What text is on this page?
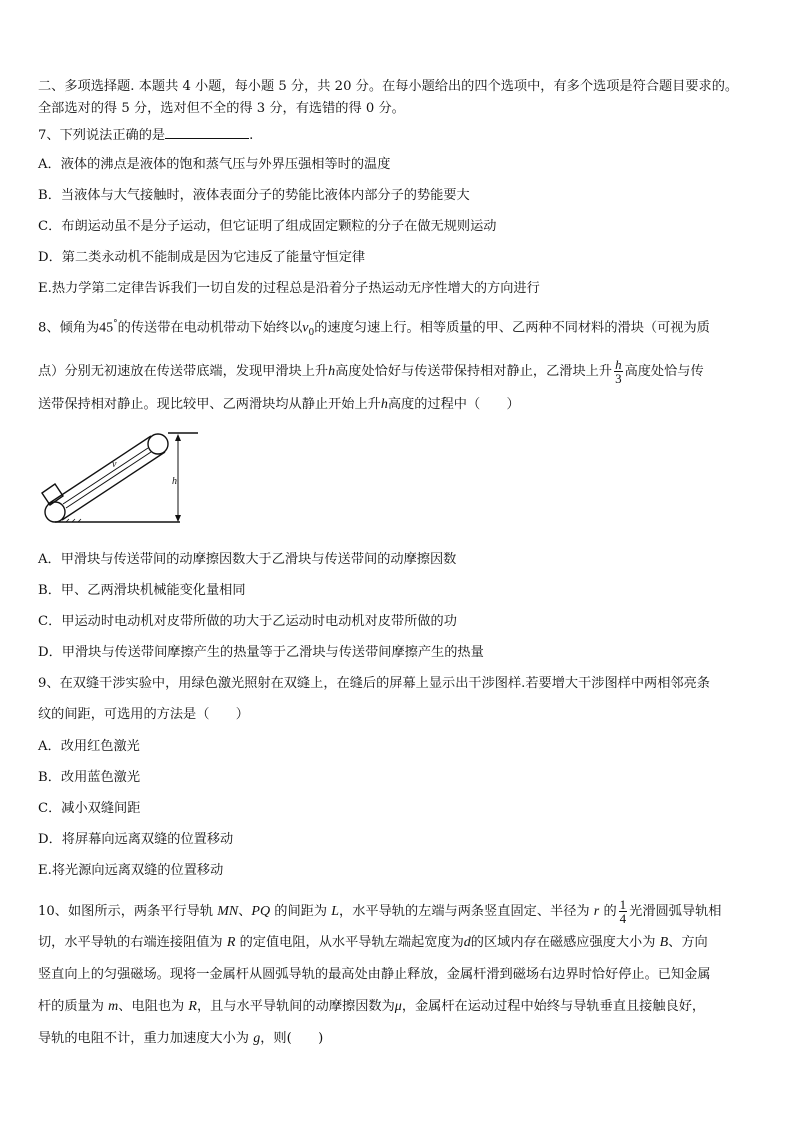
二、多项选择题. 本题共 4 小题，每小题 5 分，共 20 分。在每小题给出的四个选项中，有多个选项是符合题目要求的。
全部选对的得 5 分，选对但不全的得 3 分，有选错的得 0 分。
7、下列说法正确的是	.
A．液体的沸点是液体的饱和蒸气压与外界压强相等时的温度
B．当液体与大气接触时，液体表面分子的势能比液体内部分子的势能要大
C．布朗运动虽不是分子运动，但它证明了组成固定颗粒的分子在做无规则运动
D．第二类永动机不能制成是因为它违反了能量守恒定律
E.热力学第二定律告诉我们一切自发的过程总是沿着分子热运动无序性增大的方向进行
8、倾角为45°的传送带在电动机带动下始终以$v_0$的速度匀速上行。相等质量的甲、乙两种不同材料的滑块（可视为质
点）分别无初速放在传送带底端，发现甲滑块上升h高度处恰好与传送带保持相对静止，乙滑块上升 $\frac{h}{3}$ 高度处恰与传
送带保持相对静止。现比较甲、乙两滑块均从静止开始上升h高度的过程中（　　）
v
h
A．甲滑块与传送带间的动摩擦因数大于乙滑块与传送带间的动摩擦因数
B．甲、乙两滑块机械能变化量相同
C．甲运动时电动机对皮带所做的功大于乙运动时电动机对皮带所做的功
D．甲滑块与传送带间摩擦产生的热量等于乙滑块与传送带间摩擦产生的热量
9、在双缝干涉实验中，用绿色激光照射在双缝上，在缝后的屏幕上显示出干涉图样.若要增大干涉图样中两相邻亮条
纹的间距，可选用的方法是（　　）
A．改用红色激光
B．改用蓝色激光
C．减小双缝间距
D．将屏幕向远离双缝的位置移动
E.将光源向远离双缝的位置移动
10、如图所示，两条平行导轨 MN、PQ 的间距为 L，水平导轨的左端与两条竖直固定、半径为 r 的 $\frac{1}{4}$ 光滑圆弧导轨相
切，水平导轨的右端连接阻值为 R 的定值电阻，从水平导轨左端起宽度为d的区域内存在磁感应强度大小为 B、方向
竖直向上的匀强磁场。现将一金属杆从圆弧导轨的最高处由静止释放，金属杆滑到磁场右边界时恰好停止。已知金属
杆的质量为 m、电阻也为 R，且与水平导轨间的动摩擦因数为μ，金属杆在运动过程中始终与导轨垂直且接触良好，
导轨的电阻不计，重力加速度大小为 g，则(　　)
